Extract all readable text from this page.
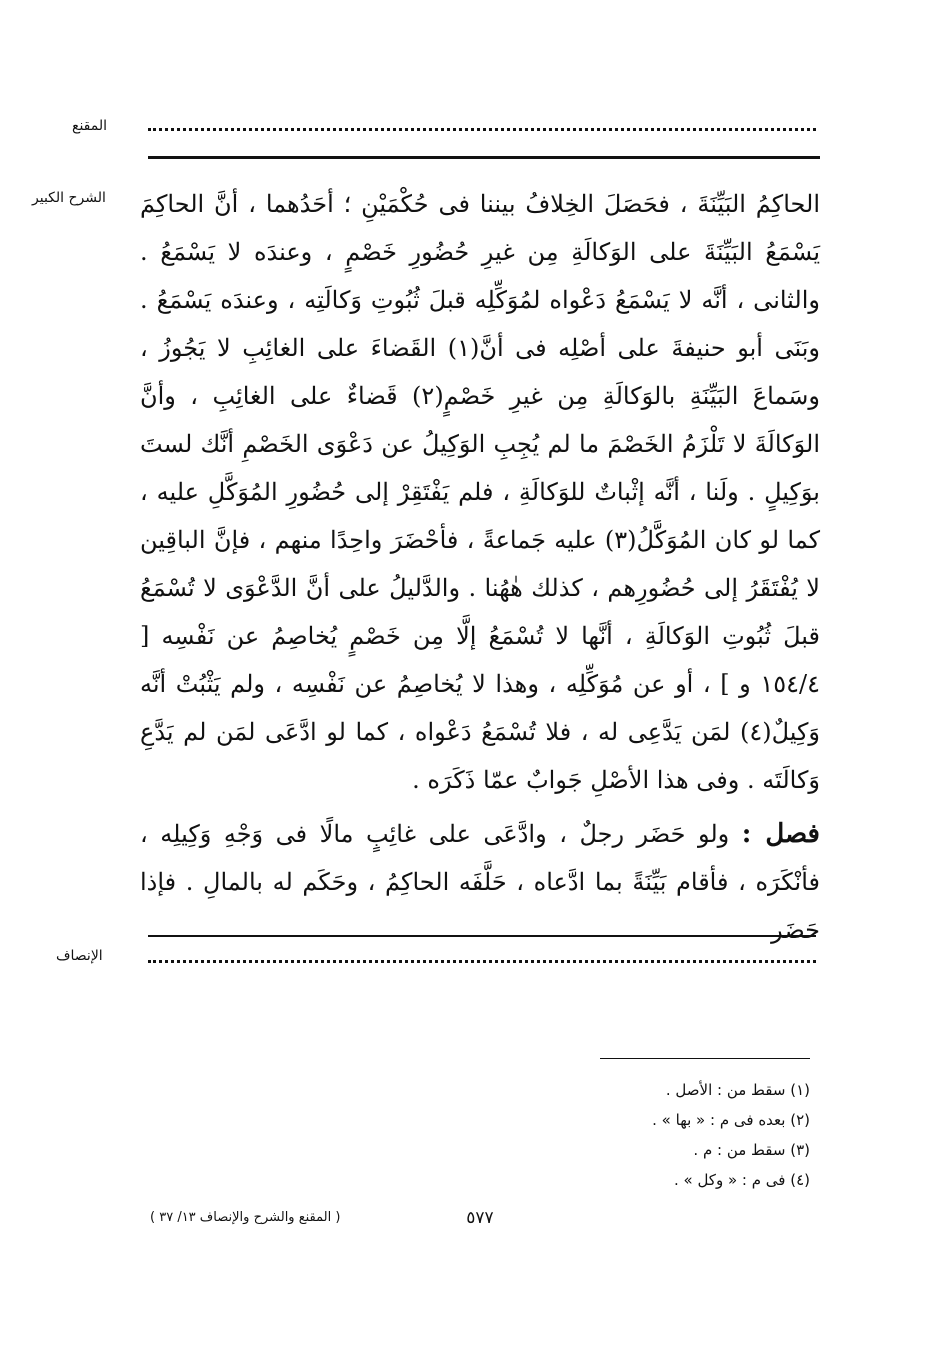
المقنع
الشرح الكبير الحاكِمُ البَيِّنَةَ ، فحَصَلَ الخِلافُ بيننا فى حُكْمَيْنِ ؛ أحَدُهما ، أنَّ الحاكِمَ يَسْمَعُ البَيِّنَةَ على الوَكالَةِ مِن غيرِ حُضُورِ خَصْمٍ ، وعندَه لا يَسْمَعُ . والثانى ، أنَّه لا يَسْمَعُ دَعْواه لمُوَكِّلِه قبلَ ثُبُوتِ وَكالَتِه ، وعندَه يَسْمَعُ . وبَنَى أبو حنيفةَ على أصْلِه فى أنَّ(١) القَضاءَ على الغائِبِ لا يَجُوزُ ، وسَماعَ البَيِّنَةِ بالوَكالَةِ مِن غيرِ خَصْمٍ(٢) قَضاءٌ على الغائِبِ ، وأنَّ الوَكالَةَ لا تَلْزَمُ الخَصْمَ ما لم يُجِبِ الوَكِيلُ عن دَعْوَى الخَصْمِ أنَّك لستَ بوَكِيلٍ . ولَنا ، أنَّه إثْباتٌ للوَكالَةِ ، فلم يَفْتَقِرْ إلى حُضُورِ المُوَكَّلِ عليه ، كما لو كان المُوَكَّلُ(٣) عليه جَماعةً ، فأحْضَرَ واحِدًا منهم ، فإنَّ الباقِين لا يُفْتَقَرُ إلى حُضُورِهم ، كذلك هٰهُنا . والدَّليلُ على أنَّ الدَّعْوَى لا تُسْمَعُ قبلَ ثُبُوتِ الوَكالَةِ ، أنَّها لا تُسْمَعُ إلَّا مِن خَصْمٍ يُخاصِمُ عن نَفْسِه [ ١٥٤/٤ و ] ، أو عن مُوَكِّلِه ، وهذا لا يُخاصِمُ عن نَفْسِه ، ولم يَثْبُتْ أنَّه وَكِيلٌ(٤) لمَن يَدَّعِى له ، فلا تُسْمَعُ دَعْواه ، كما لو ادَّعَى لمَن لم يَدَّعِ وَكالَتَه . وفى هذا الأصْلِ جَوابٌ عمّا ذَكَرَه .

فصل : ولو حَضَر رجلٌ ، وادَّعَى على غائِبٍ مالًا فى وَجْهِ وَكِيلِه ، فأنْكَرَه ، فأقام بَيِّنَةً بما ادَّعاه ، حَلَّفَه الحاكِمُ ، وحَكَم له بالمالِ . فإذا حَضَر

الإنصاف
(١) سقط من : الأصل .
(٢) بعده فى م : « بها » .
(٣) سقط من : م .
(٤) فى م : « وكل » .
٥٧٧
( المقنع والشرح والإنصاف ١٣/ ٣٧ )
